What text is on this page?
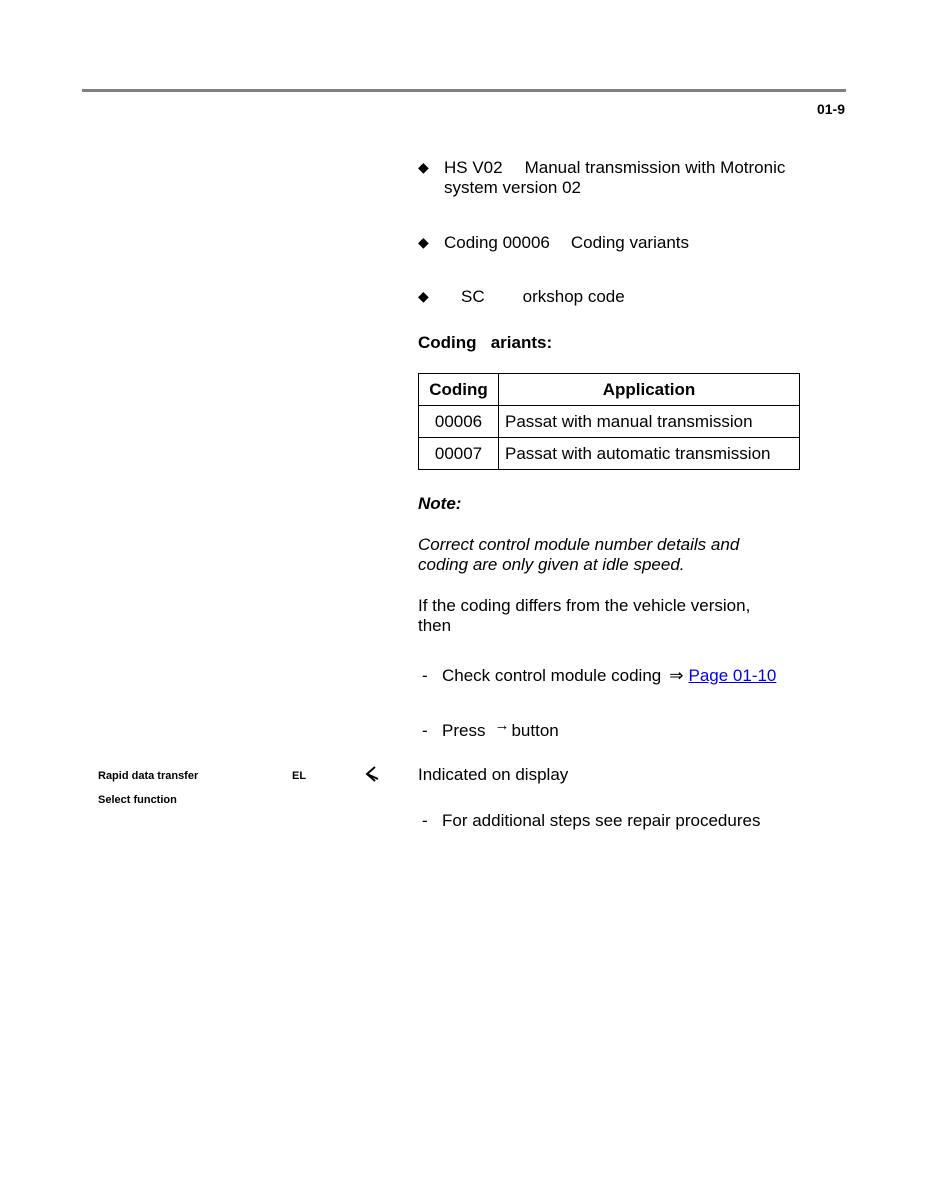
01-9
◆ HS V02 Manual transmission with Motronic
system version 02
◆ Coding 00006 Coding variants
◆	SC orkshop code
Coding   ariants:
Coding	Application
00006	Passat with manual transmission
00007	Passat with automatic transmission
Note:
Correct control module number details and
coding are only given at idle speed.
If the coding differs from the vehicle version,
then
- Check control module coding ⇒ Page 01-10
- Press → button
Rapid data transfer	EL
Select function
Indicated on display
- For additional steps see repair procedures
